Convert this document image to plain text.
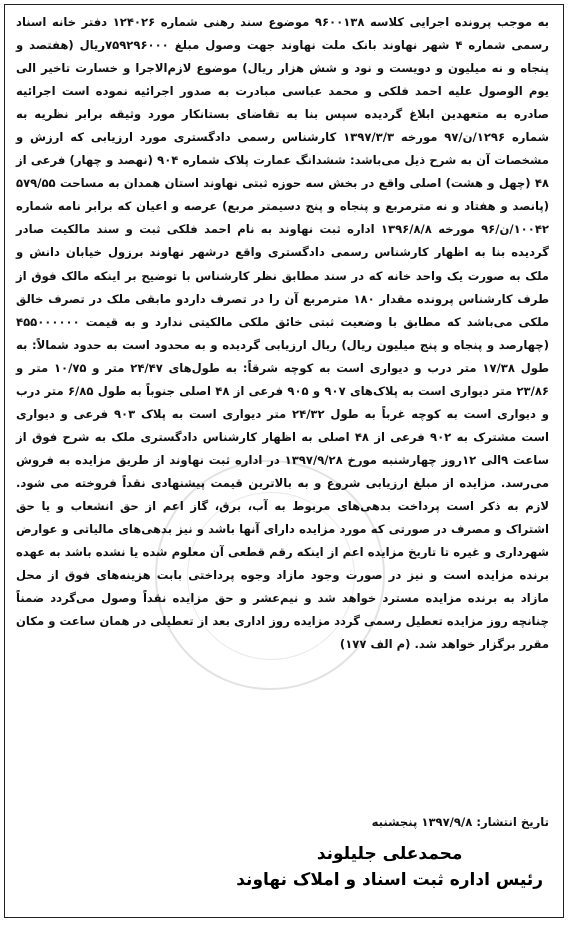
به موجب پرونده اجرایی کلاسه ۹۶۰۰۱۳۸ موضوع سند رهنی شماره ۱۲۴۰۲۶ دفتر خانه اسناد رسمی شماره ۴ شهر نهاوند بانک ملت نهاوند جهت وصول مبلغ ۷۵۹۲۹۶۰۰۰ریال (هفتصد و پنجاه و نه میلیون و دویست و نود و شش هزار ریال) موضوع لازم‌الاجرا و خسارت تاخیر الی یوم الوصول علیه احمد فلکی و محمد عباسی مبادرت به صدور اجرائیه نموده است اجرائیه صادره به متعهدین ابلاغ گردیده سپس بنا به تقاضای بستانکار مورد وثیقه برابر نظریه به شماره ۱۲۹۶/ن/۹۷ مورخه ۱۳۹۷/۳/۳ کارشناس رسمی دادگستری مورد ارزیابی که ارزش و مشخصات آن به شرح ذیل می‌باشد: ششدانگ عمارت پلاک شماره ۹۰۴ (نهصد و چهار) فرعی از ۴۸ (چهل و هشت) اصلی واقع در بخش سه حوزه ثبتی نهاوند استان همدان به مساحت ۵۷۹/۵۵ (پانصد و هفتاد و نه مترمربع و پنجاه و پنج دسیمتر مربع) عرصه و اعیان که برابر نامه شماره ۱۰۰۴۲/ن/۹۶ مورخه ۱۳۹۶/۸/۸ اداره ثبت نهاوند به نام احمد فلکی ثبت و سند مالکیت صادر گردیده بنا به اظهار کارشناس رسمی دادگستری واقع درشهر نهاوند برزول خیابان دانش و ملک به صورت یک واحد خانه که در سند مطابق نظر کارشناس با توضیح بر اینکه مالک فوق از طرف کارشناس پرونده مقدار ۱۸۰ مترمربع آن را در تصرف داردو مابقی ملک در تصرف خالق ملکی می‌باشد که مطابق با وضعیت ثبتی خائق ملکی مالکیتی ندارد و به قیمت ۴۵۵۰۰۰۰۰۰ (چهارصد و پنجاه و پنج میلیون ریال) ریال ارزیابی گردیده و به محدود است به حدود شمالاً: به طول ۱۷/۳۸ متر درب و دیواری است به کوچه شرقاً: به طول‌های ۲۴/۴۷ متر و ۱۰/۷۵ متر و ۲۳/۸۶ متر دیواری است به پلاک‌های ۹۰۷ و ۹۰۵ فرعی از ۴۸ اصلی جنوباً به طول ۶/۸۵ متر درب و دیواری است به کوچه غرباً به طول ۲۴/۳۲ متر دیواری است به پلاک ۹۰۳ فرعی و دیواری است مشترک به ۹۰۲ فرعی از ۴۸ اصلی به اظهار کارشناس دادگستری ملک به شرح فوق از ساعت ۹الی ۱۲روز چهارشنبه مورخ ۱۳۹۷/۹/۲۸ در اداره ثبت نهاوند از طریق مزایده به فروش می‌رسد. مزایده از مبلغ ارزیابی شروع و به بالاترین قیمت پیشنهادی نقداً فروخته می شود. لازم به ذکر است پرداخت بدهی‌های مربوط به آب، برق، گاز اعم از حق انشعاب و یا حق اشتراک و مصرف در صورتی که مورد مزایده دارای آنها باشد و نیز بدهی‌های مالیاتی و عوارض شهرداری و غیره تا تاریخ مزایده اعم از اینکه رقم قطعی آن معلوم شده یا نشده باشد به عهده برنده مزایده است و نیز در صورت وجود مازاد وجوه پرداختی بابت هزینه‌های فوق از محل مازاد به برنده مزایده مسترد خواهد شد و نیم‌عشر و حق مزایده نقداً وصول می‌گردد ضمناً چنانچه روز مزایده تعطیل رسمی گردد مزایده روز اداری بعد از تعطیلی در همان ساعت و مکان مقرر برگزار خواهد شد. (م الف ۱۷۷)

تاریخ انتشار: ۱۳۹۷/۹/۸ پنجشنبه
محمدعلی جلیلوند
رئیس اداره ثبت اسناد و املاک نهاوند
